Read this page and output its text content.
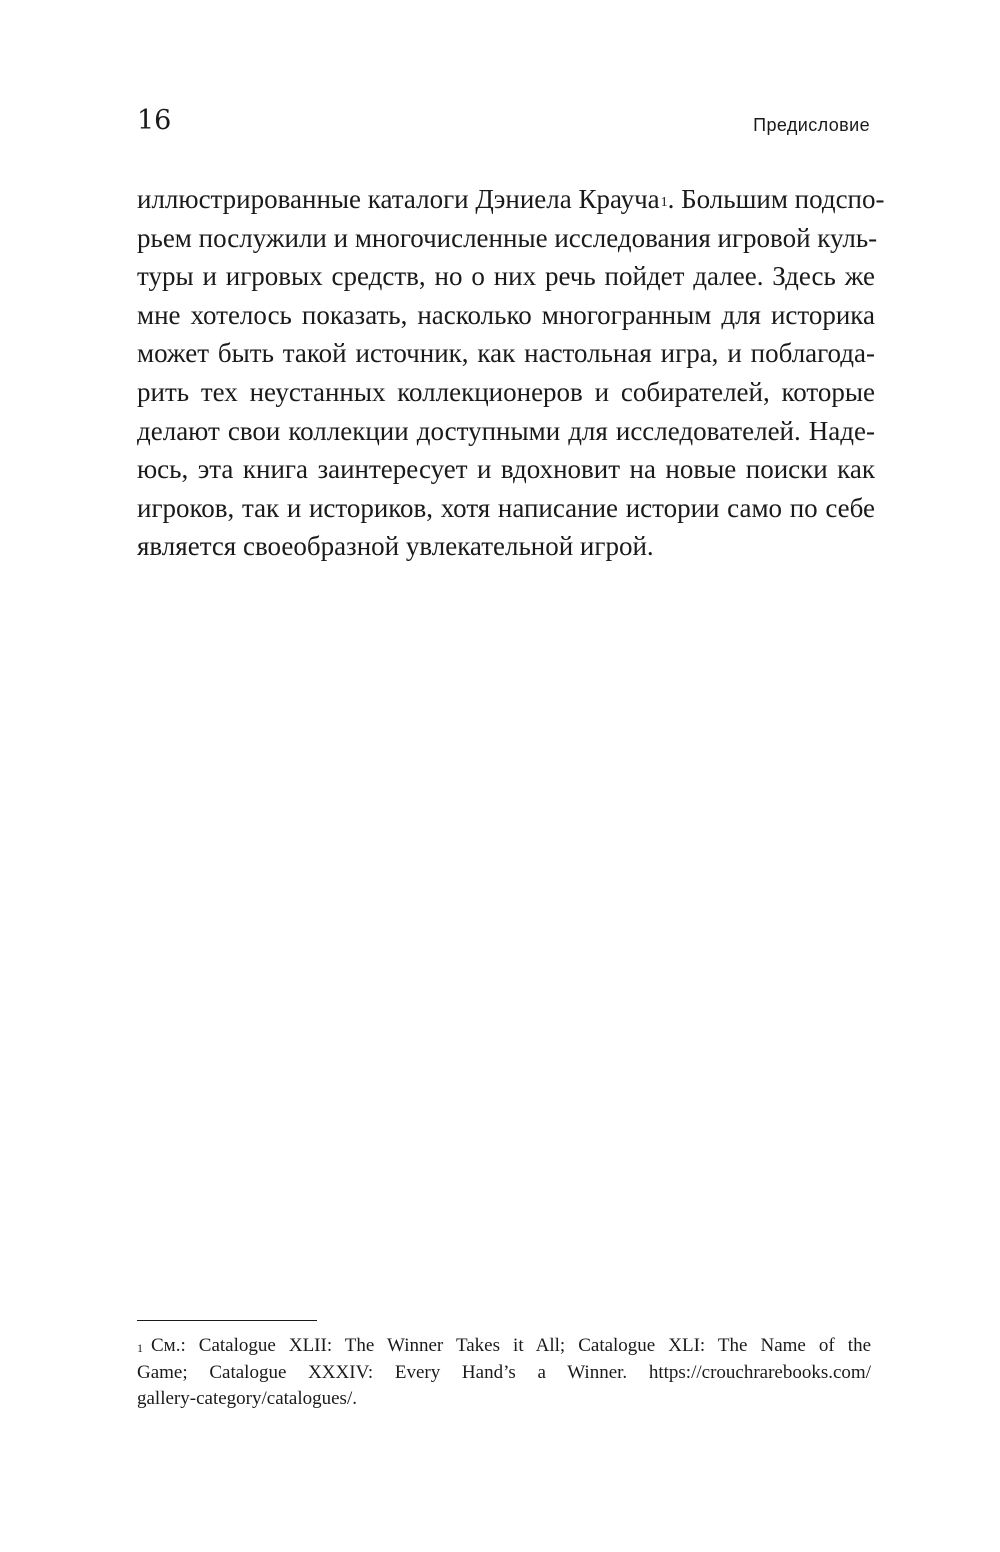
16	Предисловие
иллюстрированные каталоги Дэниела Крауча$^1$. Большим подспо-
рьем послужили и многочисленные исследования игровой куль-
туры и игровых средств, но о них речь пойдет далее. Здесь же
мне хотелось показать, насколько многогранным для историка
может быть такой источник, как настольная игра, и поблагода-
рить тех неустанных коллекционеров и собирателей, которые
делают свои коллекции доступными для исследователей. Наде-
юсь, эта книга заинтересует и вдохновит на новые поиски как
игроков, так и историков, хотя написание истории само по себе
является своеобразной увлекательной игрой.
$^1$ См.: Catalogue XLII: The Winner Takes it All; Catalogue XLI: The Name of the
Game; Catalogue XXXIV: Every Hand’s a Winner. https://crouchrarebooks.com/
gallery-category/catalogues/.
